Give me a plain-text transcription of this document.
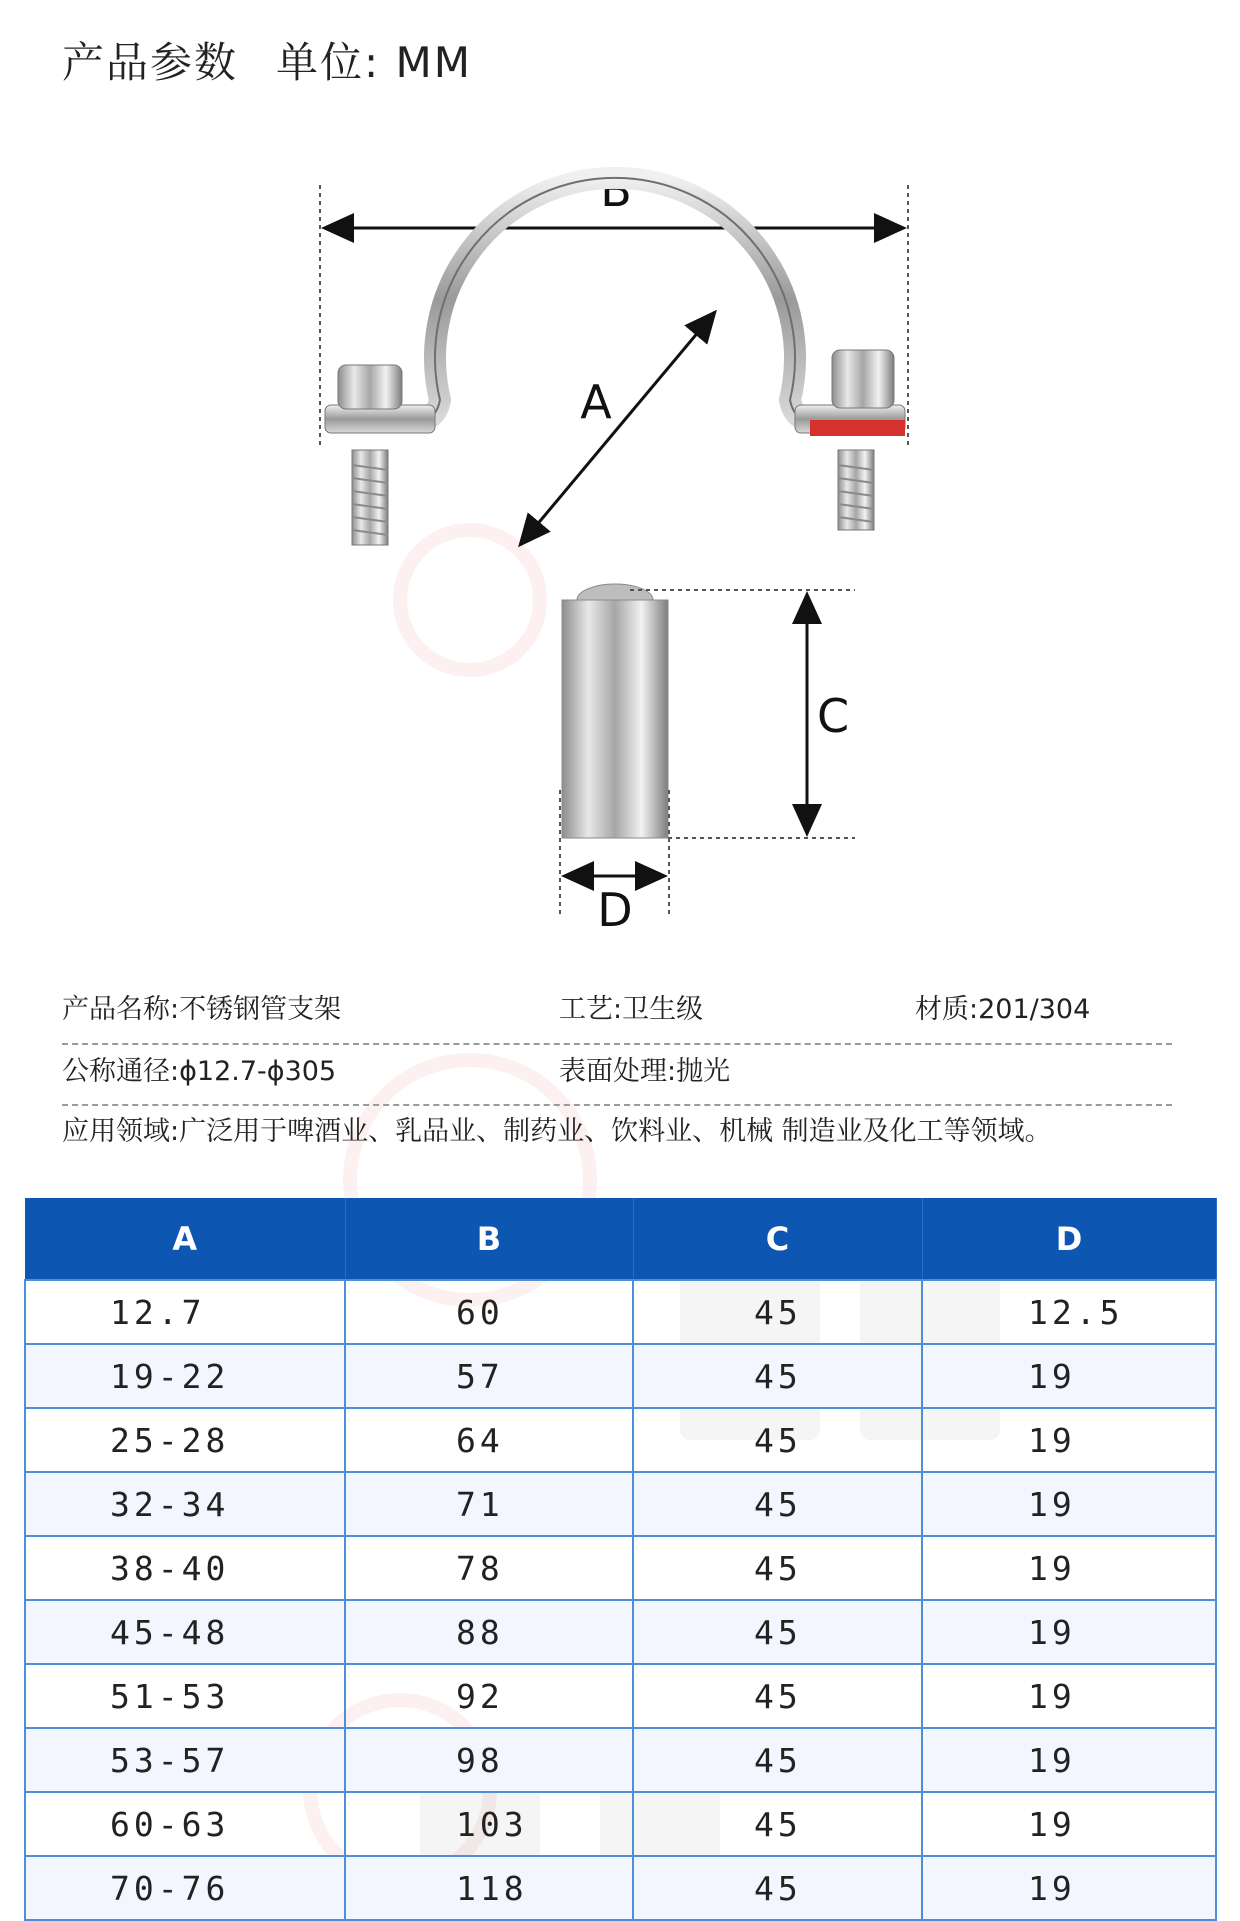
产品参数 单位: MM
B
A
C
D
产品名称:不锈钢管支架	工艺:卫生级	材质:201/304
公称通径:ϕ12.7-ϕ305	表面处理:抛光
应用领域:广泛用于啤酒业、乳品业、制药业、饮料业、机械 制造业及化工等领域。
A	B	C	D
12.7	60	45	12.5
19-22	57	45	19
25-28	64	45	19
32-34	71	45	19
38-40	78	45	19
45-48	88	45	19
51-53	92	45	19
53-57	98	45	19
60-63	103	45	19
70-76	118	45	19
